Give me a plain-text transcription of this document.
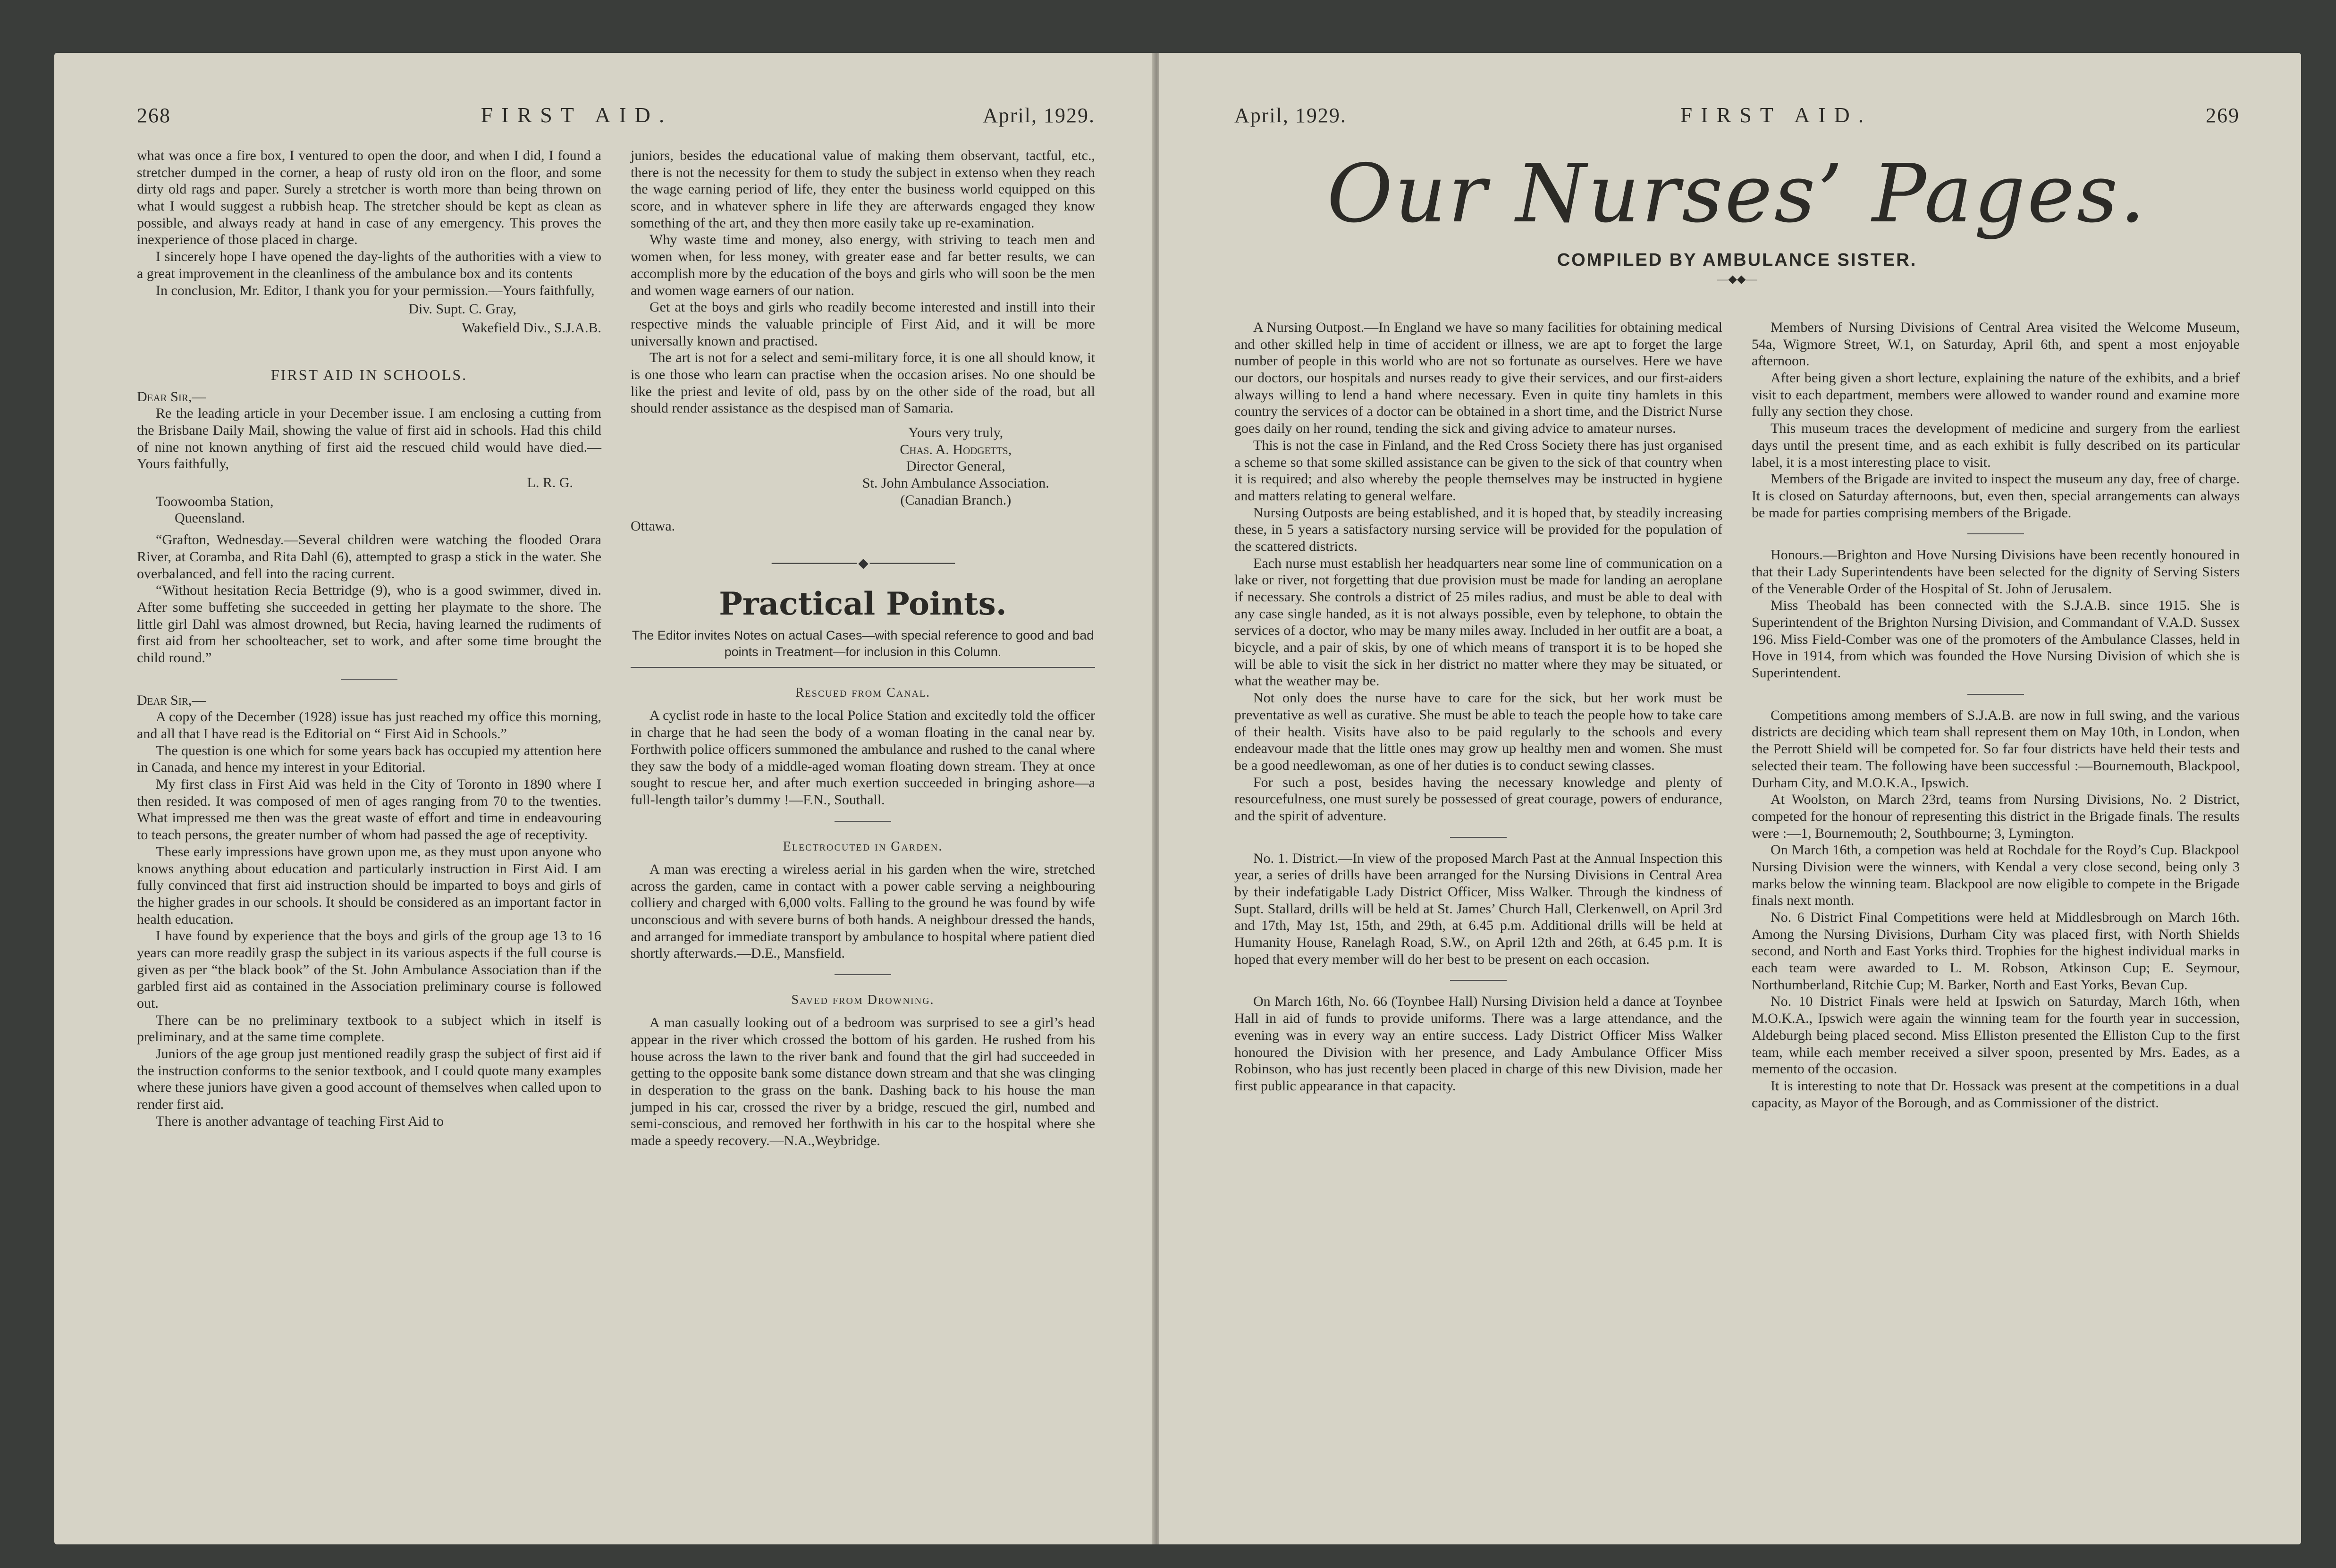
268	FIRST AID.	April, 1929.

what was once a fire box, I ventured to open the door, and when I did, I found a stretcher dumped in the corner, a heap of rusty old iron on the floor, and some dirty old rags and paper. Surely a stretcher is worth more than being thrown on what I would suggest a rubbish heap. The stretcher should be kept as clean as possible, and always ready at hand in case of any emergency. This proves the inexperience of those placed in charge.

I sincerely hope I have opened the day-lights of the authorities with a view to a great improvement in the cleanliness of the ambulance box and its contents

In conclusion, Mr. Editor, I thank you for your permission.—Yours faithfully,

Div. Supt. C. Gray,
Wakefield Div., S.J.A.B.
FIRST AID IN SCHOOLS.

Dear Sir,—

Re the leading article in your December issue. I am enclosing a cutting from the Brisbane Daily Mail, showing the value of first aid in schools. Had this child of nine not known anything of first aid the rescued child would have died.—Yours faithfully,

L. R. G.

Toowoomba Station,

Queensland.

“Grafton, Wednesday.—Several children were watching the flooded Orara River, at Coramba, and Rita Dahl (6), attempted to grasp a stick in the water. She overbalanced, and fell into the racing current.

“Without hesitation Recia Bettridge (9), who is a good swimmer, dived in. After some buffeting she succeeded in getting her playmate to the shore. The little girl Dahl was almost drowned, but Recia, having learned the rudiments of first aid from her schoolteacher, set to work, and after some time brought the child round.”

Dear Sir,—

A copy of the December (1928) issue has just reached my office this morning, and all that I have read is the Editorial on “ First Aid in Schools.”

The question is one which for some years back has occupied my attention here in Canada, and hence my interest in your Editorial.

My first class in First Aid was held in the City of Toronto in 1890 where I then resided. It was composed of men of ages ranging from 70 to the twenties. What impressed me then was the great waste of effort and time in endeavouring to teach persons, the greater number of whom had passed the age of receptivity.

These early impressions have grown upon me, as they must upon anyone who knows anything about education and particularly instruction in First Aid. I am fully convinced that first aid instruction should be imparted to boys and girls of the higher grades in our schools. It should be considered as an important factor in health education.

I have found by experience that the boys and girls of the group age 13 to 16 years can more readily grasp the subject in its various aspects if the full course is given as per “the black book” of the St. John Ambulance Association than if the garbled first aid as contained in the Association preliminary course is followed out.

There can be no preliminary textbook to a subject which in itself is preliminary, and at the same time complete.

Juniors of the age group just mentioned readily grasp the subject of first aid if the instruction conforms to the senior textbook, and I could quote many examples where these juniors have given a good account of themselves when called upon to render first aid.

There is another advantage of teaching First Aid to

juniors, besides the educational value of making them observant, tactful, etc., there is not the necessity for them to study the subject in extenso when they reach the wage earning period of life, they enter the business world equipped on this score, and in whatever sphere in life they are afterwards engaged they know something of the art, and they then more easily take up re-examination.

Why waste time and money, also energy, with striving to teach men and women when, for less money, with greater ease and far better results, we can accomplish more by the education of the boys and girls who will soon be the men and women wage earners of our nation.

Get at the boys and girls who readily become interested and instill into their respective minds the valuable principle of First Aid, and it will be more universally known and practised.

The art is not for a select and semi-military force, it is one all should know, it is one those who learn can practise when the occasion arises. No one should be like the priest and levite of old, pass by on the other side of the road, but all should render assistance as the despised man of Samaria.

Yours very truly,
Chas. A. Hodgetts,
Director General,
St. John Ambulance Association.
(Canadian Branch.)

Ottawa.

────────── ◆ ──────────
Practical Points.
The Editor invites Notes on actual Cases—with special reference to good and bad points in Treatment—for inclusion in this Column.
Rescued from Canal.

A cyclist rode in haste to the local Police Station and excitedly told the officer in charge that he had seen the body of a woman floating in the canal near by. Forthwith police officers summoned the ambulance and rushed to the canal where they saw the body of a middle-aged woman floating down stream. They at once sought to rescue her, and after much exertion succeeded in bringing ashore—a full-length tailor’s dummy !—F.N., Southall.

Electrocuted in Garden.

A man was erecting a wireless aerial in his garden when the wire, stretched across the garden, came in contact with a power cable serving a neighbouring colliery and charged with 6,000 volts. Falling to the ground he was found by wife unconscious and with severe burns of both hands. A neighbour dressed the hands, and arranged for immediate transport by ambulance to hospital where patient died shortly afterwards.—D.E., Mansfield.

Saved from Drowning.

A man casually looking out of a bedroom was surprised to see a girl’s head appear in the river which crossed the bottom of his garden. He rushed from his house across the lawn to the river bank and found that the girl had succeeded in getting to the opposite bank some distance down stream and that she was clinging in desperation to the grass on the bank. Dashing back to his house the man jumped in his car, crossed the river by a bridge, rescued the girl, numbed and semi-conscious, and removed her forthwith in his car to the hospital where she made a speedy recovery.—N.A.,Weybridge.

April, 1929.	FIRST AID.	269
Our Nurses’ Pages.
COMPILED BY AMBULANCE SISTER.
—◆◆—

A Nursing Outpost.—In England we have so many facilities for obtaining medical and other skilled help in time of accident or illness, we are apt to forget the large number of people in this world who are not so fortunate as ourselves. Here we have our doctors, our hospitals and nurses ready to give their services, and our first-aiders always willing to lend a hand where necessary. Even in quite tiny hamlets in this country the services of a doctor can be obtained in a short time, and the District Nurse goes daily on her round, tending the sick and giving advice to amateur nurses.

This is not the case in Finland, and the Red Cross Society there has just organised a scheme so that some skilled assistance can be given to the sick of that country when it is required; and also whereby the people themselves may be instructed in hygiene and matters relating to general welfare.

Nursing Outposts are being established, and it is hoped that, by steadily increasing these, in 5 years a satisfactory nursing service will be provided for the population of the scattered districts.

Each nurse must establish her headquarters near some line of communication on a lake or river, not forgetting that due provision must be made for landing an aeroplane if necessary. She controls a district of 25 miles radius, and must be able to deal with any case single handed, as it is not always possible, even by telephone, to obtain the services of a doctor, who may be many miles away. Included in her outfit are a boat, a bicycle, and a pair of skis, by one of which means of transport it is to be hoped she will be able to visit the sick in her district no matter where they may be situated, or what the weather may be.

Not only does the nurse have to care for the sick, but her work must be preventative as well as curative. She must be able to teach the people how to take care of their health. Visits have also to be paid regularly to the schools and every endeavour made that the little ones may grow up healthy men and women. She must be a good needlewoman, as one of her duties is to conduct sewing classes.

For such a post, besides having the necessary knowledge and plenty of resourcefulness, one must surely be possessed of great courage, powers of endurance, and the spirit of adventure.

No. 1. District.—In view of the proposed March Past at the Annual Inspection this year, a series of drills have been arranged for the Nursing Divisions in Central Area by their indefatigable Lady District Officer, Miss Walker. Through the kindness of Supt. Stallard, drills will be held at St. James’ Church Hall, Clerkenwell, on April 3rd and 17th, May 1st, 15th, and 29th, at 6.45 p.m. Additional drills will be held at Humanity House, Ranelagh Road, S.W., on April 12th and 26th, at 6.45 p.m. It is hoped that every member will do her best to be present on each occasion.

On March 16th, No. 66 (Toynbee Hall) Nursing Division held a dance at Toynbee Hall in aid of funds to provide uniforms. There was a large attendance, and the evening was in every way an entire success. Lady District Officer Miss Walker honoured the Division with her presence, and Lady Ambulance Officer Miss Robinson, who has just recently been placed in charge of this new Division, made her first public appearance in that capacity.

Members of Nursing Divisions of Central Area visited the Welcome Museum, 54a, Wigmore Street, W.1, on Saturday, April 6th, and spent a most enjoyable afternoon.

After being given a short lecture, explaining the nature of the exhibits, and a brief visit to each department, members were allowed to wander round and examine more fully any section they chose.

This museum traces the development of medicine and surgery from the earliest days until the present time, and as each exhibit is fully described on its particular label, it is a most interesting place to visit.

Members of the Brigade are invited to inspect the museum any day, free of charge. It is closed on Saturday afternoons, but, even then, special arrangements can always be made for parties comprising members of the Brigade.

Honours.—Brighton and Hove Nursing Divisions have been recently honoured in that their Lady Superintendents have been selected for the dignity of Serving Sisters of the Venerable Order of the Hospital of St. John of Jerusalem.

Miss Theobald has been connected with the S.J.A.B. since 1915. She is Superintendent of the Brighton Nursing Division, and Commandant of V.A.D. Sussex 196. Miss Field-Comber was one of the promoters of the Ambulance Classes, held in Hove in 1914, from which was founded the Hove Nursing Division of which she is Superintendent.

Competitions among members of S.J.A.B. are now in full swing, and the various districts are deciding which team shall represent them on May 10th, in London, when the Perrott Shield will be competed for. So far four districts have held their tests and selected their team. The following have been successful :—Bournemouth, Blackpool, Durham City, and M.O.K.A., Ipswich.

At Woolston, on March 23rd, teams from Nursing Divisions, No. 2 District, competed for the honour of representing this district in the Brigade finals. The results were :—1, Bournemouth; 2, Southbourne; 3, Lymington.

On March 16th, a competion was held at Rochdale for the Royd’s Cup. Blackpool Nursing Division were the winners, with Kendal a very close second, being only 3 marks below the winning team. Blackpool are now eligible to compete in the Brigade finals next month.

No. 6 District Final Competitions were held at Middlesbrough on March 16th. Among the Nursing Divisions, Durham City was placed first, with North Shields second, and North and East Yorks third. Trophies for the highest individual marks in each team were awarded to L. M. Robson, Atkinson Cup; E. Seymour, Northumberland, Ritchie Cup; M. Barker, North and East Yorks, Bevan Cup.

No. 10 District Finals were held at Ipswich on Saturday, March 16th, when M.O.K.A., Ipswich were again the winning team for the fourth year in succession, Aldeburgh being placed second. Miss Elliston presented the Elliston Cup to the first team, while each member received a silver spoon, presented by Mrs. Eades, as a memento of the occasion.

It is interesting to note that Dr. Hossack was present at the competitions in a dual capacity, as Mayor of the Borough, and as Commissioner of the district.
